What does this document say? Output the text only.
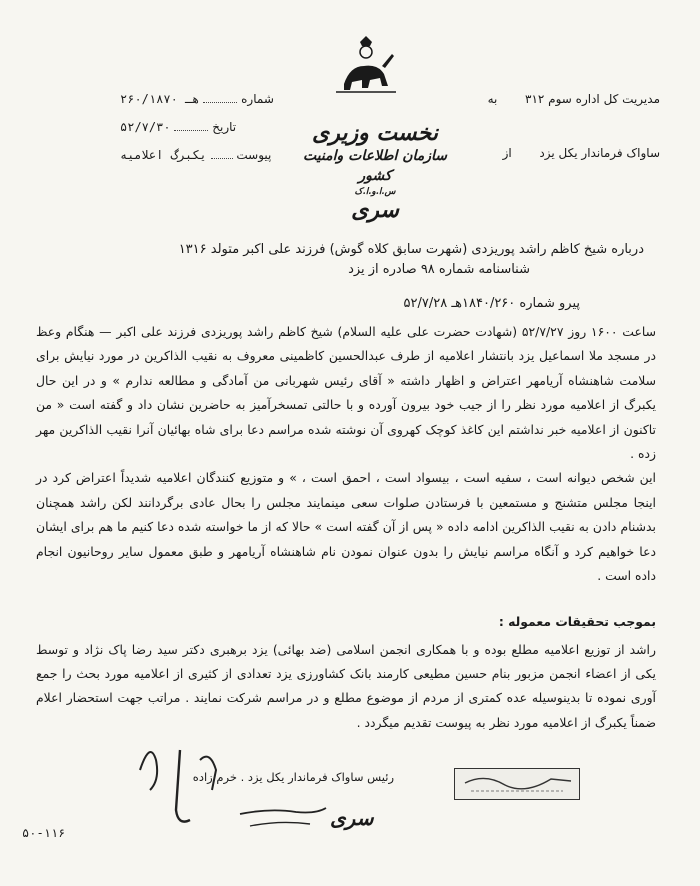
۲۶۰/۱۸۷۰ هـ	شماره
۵۲/۷/۳۰	تاریخ
یکبرگ اعلامیه پیوست
به مدیریت کل اداره سوم ۳۱۲
از ساواک فرماندار یکل یزد
نخست وزیری
سازمان اطلاعات وامنیت کشور
س.ا.و.ا.ک
سری
درباره شیخ کاظم راشد پوریزدی (شهرت سابق کلاه گوش) فرزند علی اکبر متولد ۱۳۱۶
شناسنامه شماره ۹۸ صادره از یزد
پیرو شماره ۱۸۴۰/۲۶۰هـ ۵۲/۷/۲۸

ساعت ۱۶۰۰ روز ۵۲/۷/۲۷ (شهادت حضرت علی علیه السلام) شیخ کاظم راشد پوریزدی فرزند علی اکبر — هنگام وعظ در مسجد ملا اسماعیل یزد بانتشار اعلامیه از طرف عبدالحسین کاظمینی معروف به نقیب الذاکرین در مورد نیایش برای سلامت شاهنشاه آریامهر اعتراض و اظهار داشته « آقای رئیس شهربانی من آمادگی و مطالعه ندارم » و در این حال یکبرگ از اعلامیه مورد نظر را از جیب خود بیرون آورده و با حالتی تمسخرآمیز به حاضرین نشان داد و گفته است « من تاکنون از اعلامیه خبر نداشتم این کاغذ کوچک کهروی آن نوشته شده مراسم دعا برای شاه بهائیان آنرا نقیب الذاکرین مهر زده .

این شخص دیوانه است ، سفیه است ، بیسواد است ، احمق است ، » و متوزیع کنندگان اعلامیه شدیداً اعتراض کرد در اینجا مجلس متشنج و مستمعین با فرستادن صلوات سعی مینمایند مجلس را بحال عادی برگردانند لکن راشد همچنان بدشنام دادن به نقیب الذاکرین ادامه داده « پس از آن گفته است » حالا که از ما خواسته شده دعا کنیم ما هم برای ایشان دعا خواهیم کرد و آنگاه مراسم نیایش را بدون عنوان نمودن نام شاهنشاه آریامهر و طبق معمول سایر روحانیون انجام داده است .

بموجب تحقیقات معموله :

راشد از توزیع اعلامیه مطلع بوده و با همکاری انجمن اسلامی (ضد بهائی) یزد برهبری دکتر سید رضا پاک نژاد و توسط یکی از اعضاء انجمن مزبور بنام حسین مطیعی کارمند بانک کشاورزی یزد تعدادی از کثیری از اعلامیه مورد بحث را جمع آوری نموده تا بدینوسیله عده کمتری از مردم از موضوع مطلع و در مراسم شرکت نمایند . مراتب جهت استحضار اعلام ضمناً یکبرگ از اعلامیه مورد نظر به پیوست تقدیم میگردد .

رئیس ساواک فرماندار یکل یزد . خرم زاده
سری
۵۰-۱۱۶
